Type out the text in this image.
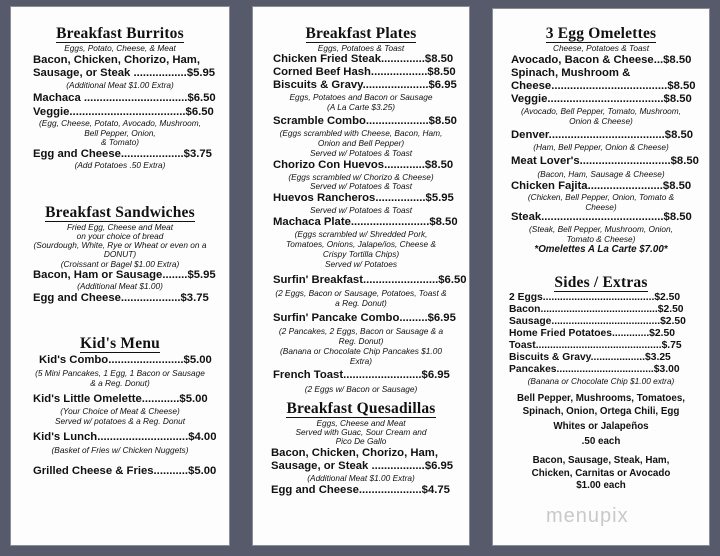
Breakfast Burritos
Eggs, Potato, Cheese, & Meat
Bacon, Chicken, Chorizo, Ham,
Sausage, or Steak .................$5.95
(Additional Meat $1.00 Extra)
Machaca .................................$6.50
Veggie.....................................$6.50
(Egg, Cheese, Potato, Avocado, Mushroom,
Bell Pepper, Onion,
& Tomato)
Egg and Cheese....................$3.75
(Add Potatoes .50 Extra)
Breakfast Sandwiches
Fried Egg, Cheese and Meat
on your choice of bread
(Sourdough, White, Rye or Wheat or even on a
DONUT)
(Croissant or Bagel $1.00 Extra)
Bacon, Ham or Sausage........$5.95
(Additional Meat $1.00)
Egg and Cheese...................$3.75
Kid's Menu
Kid's Combo........................$5.00
(5 Mini Pancakes, 1 Egg, 1 Bacon or Sausage
& a Reg. Donut)
Kid's Little Omelette............$5.00
(Your Choice of Meat & Cheese)
Served w/ potatoes & a Reg. Donut
Kid's Lunch.............................$4.00
(Basket of Fries w/ Chicken Nuggets)
Grilled Cheese & Fries...........$5.00
Breakfast Plates
Eggs, Potatoes & Toast
Chicken Fried Steak..............$8.50
Corned Beef Hash..................$8.50
Biscuits & Gravy.....................$6.95
Eggs, Potatoes and Bacon or Sausage
(A La Carte $3.25)
Scramble Combo....................$8.50
(Eggs scrambled with Cheese, Bacon, Ham,
Onion and Bell Pepper)
Served w/ Potatoes & Toast
Chorizo Con Huevos.............$8.50
(Eggs scrambled w/ Chorizo & Cheese)
Served w/ Potatoes & Toast
Huevos Rancheros................$5.95
Served w/ Potatoes & Toast
Machaca Plate.........................$8.50
(Eggs scrambled w/ Shredded Pork,
Tomatoes, Onions, Jalape/ios, Cheese &
Crispy Tortilla Chips)
Served w/ Potatoes
Surfin' Breakfast........................$6.50
(2 Eggs, Bacon or Sausage, Potatoes, Toast &
a Reg. Donut)
Surfin' Pancake Combo.........$6.95
(2 Pancakes, 2 Eggs, Bacon or Sausage & a
Reg. Donut)
(Banana or Chocolate Chip Pancakes $1.00
Extra)
French Toast.........................$6.95
(2 Eggs w/ Bacon or Sausage)
Breakfast Quesadillas
Eggs, Cheese and Meat
Served with Guac, Sour Cream and
Pico De Gallo
Bacon, Chicken, Chorizo, Ham,
Sausage, or Steak .................$6.95
(Additional Meat $1.00 Extra)
Egg and Cheese....................$4.75
3 Egg Omelettes
Cheese, Potatoes & Toast
Avocado, Bacon & Cheese...$8.50
Spinach, Mushroom &
Cheese.....................................$8.50
Veggie.....................................$8.50
(Avocado, Bell Pepper, Tomato, Mushroom,
Onion & Cheese)
Denver.....................................$8.50
(Ham, Bell Pepper, Onion & Cheese)
Meat Lover's.............................$8.50
(Bacon, Ham, Sausage & Cheese)
Chicken Fajita........................$8.50
(Chicken, Bell Pepper, Onion, Tomato &
Cheese)
Steak.......................................$8.50
(Steak, Bell Pepper, Mushroom, Onion,
Tomato & Cheese)
*Omelettes A La Carte $7.00*
Sides / Extras
2 Eggs.......................................$2.50
Bacon.........................................$2.50
Sausage......................................$2.50
Home Fried Potatoes.............$2.50
Toast............................................$.75
Biscuits & Gravy...................$3.25
Pancakes..................................$3.00
(Banana or Chocolate Chip $1.00 extra)
Bell Pepper, Mushrooms, Tomatoes,
Spinach, Onion, Ortega Chili, Egg
Whites or Jalapeños
.50 each
Bacon, Sausage, Steak, Ham,
Chicken, Carnitas or Avocado
$1.00 each
menupix
